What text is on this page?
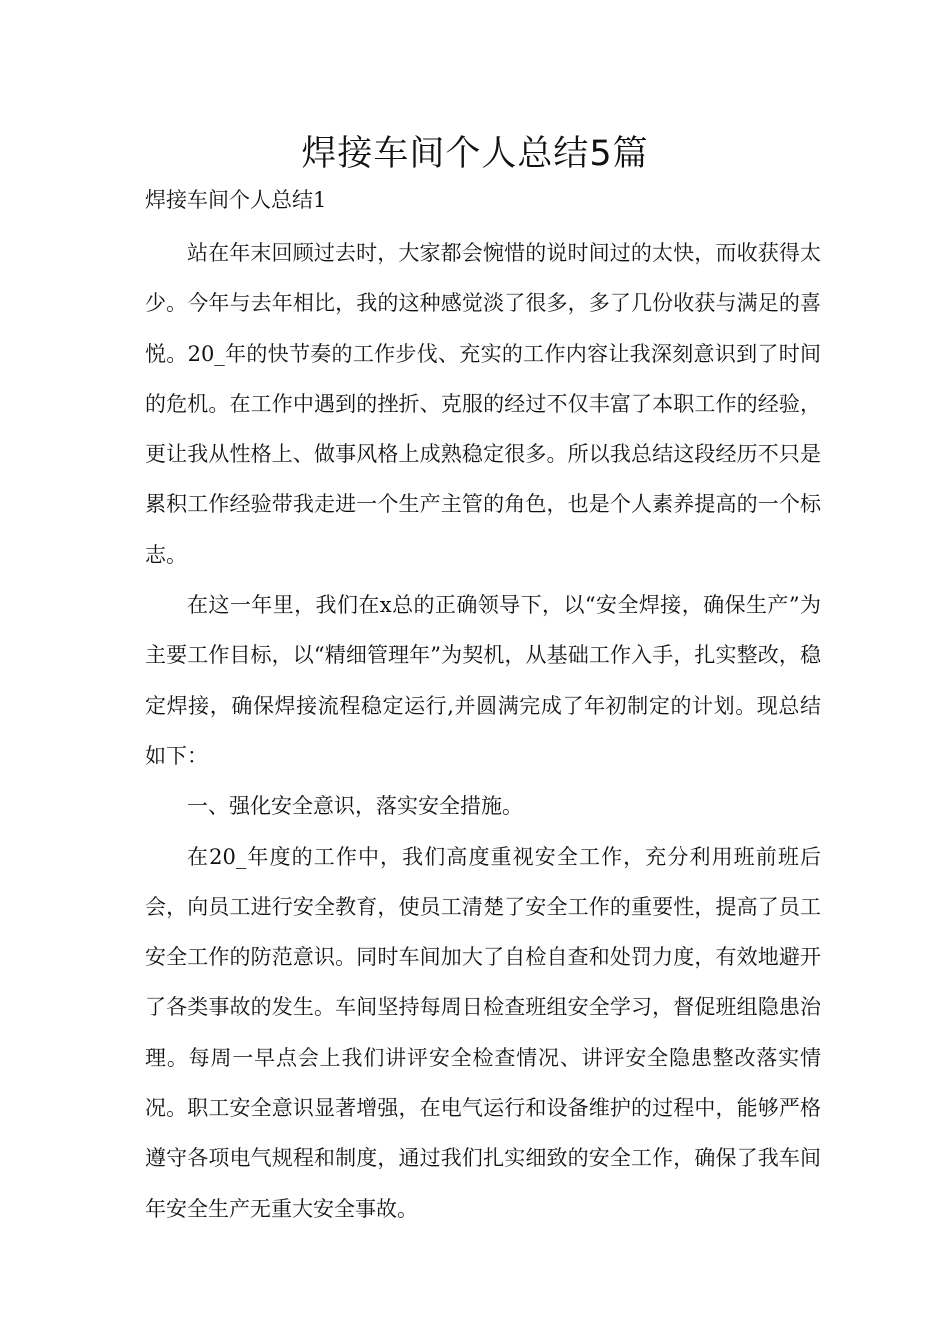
焊接车间个人总结5篇
焊接车间个人总结1

站在年末回顾过去时，大家都会惋惜的说时间过的太快，而收获得太少。今年与去年相比，我的这种感觉淡了很多，多了几份收获与满足的喜悦。20_年的快节奏的工作步伐、充实的工作内容让我深刻意识到了时间的危机。在工作中遇到的挫折、克服的经过不仅丰富了本职工作的经验，更让我从性格上、做事风格上成熟稳定很多。所以我总结这段经历不只是累积工作经验带我走进一个生产主管的角色，也是个人素养提高的一个标志。

在这一年里，我们在x总的正确领导下，以“安全焊接，确保生产”为主要工作目标，以“精细管理年”为契机，从基础工作入手，扎实整改，稳定焊接，确保焊接流程稳定运行,并圆满完成了年初制定的计划。现总结如下：

一、强化安全意识，落实安全措施。

在20_年度的工作中，我们高度重视安全工作，充分利用班前班后会，向员工进行安全教育，使员工清楚了安全工作的重要性，提高了员工安全工作的防范意识。同时车间加大了自检自查和处罚力度，有效地避开了各类事故的发生。车间坚持每周日检查班组安全学习，督促班组隐患治理。每周一早点会上我们讲评安全检查情况、讲评安全隐患整改落实情况。职工安全意识显著增强，在电气运行和设备维护的过程中，能够严格遵守各项电气规程和制度，通过我们扎实细致的安全工作，确保了我车间年安全生产无重大安全事故。
